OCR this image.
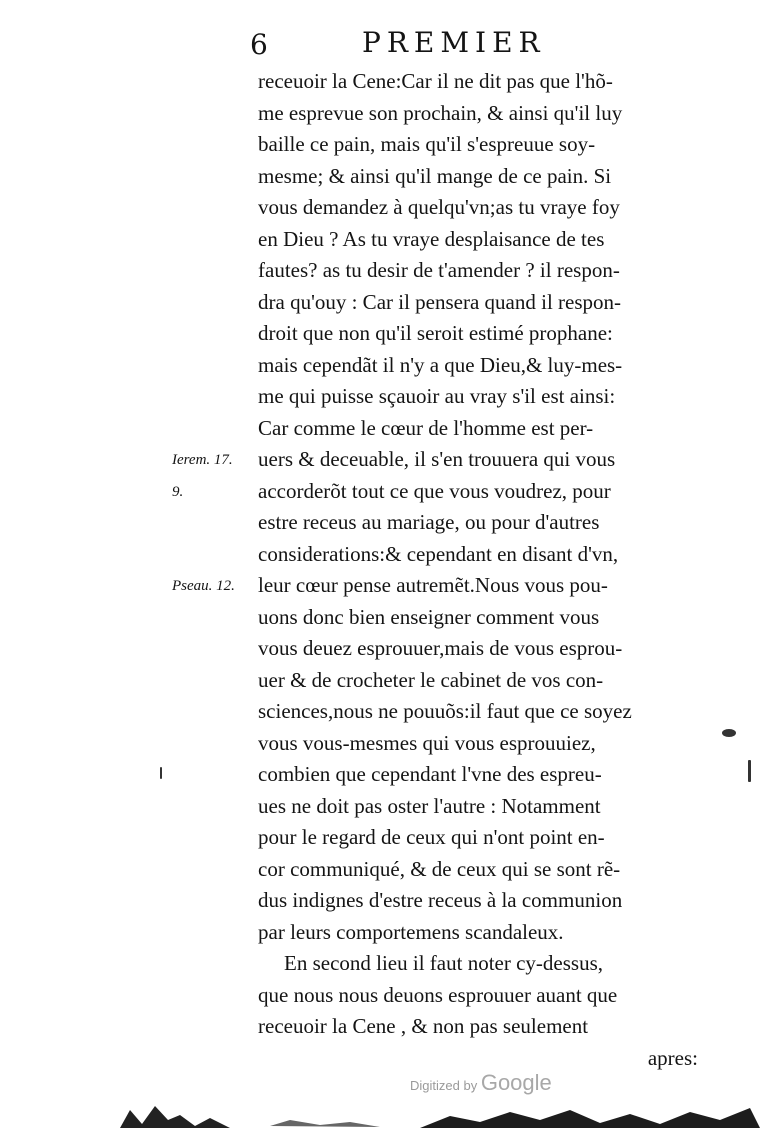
6	PREMIER
receuoir la Cene:Car il ne dit pas que l'hõ-
me esprevue son prochain, & ainsi qu'il luy
baille ce pain, mais qu'il s'espreuue soy-
mesme; & ainsi qu'il mange de ce pain. Si
vous demandez à quelqu'vn;as tu vraye foy
en Dieu ? As tu vraye desplaisance de tes
fautes? as tu desir de t'amender ? il respon-
dra qu'ouy : Car il pensera quand il respon-
droit que non qu'il seroit estimé prophane:
mais cependãt il n'y a que Dieu,& luy-mes-
me qui puisse sçauoir au vray s'il est ainsi:
Car comme le cœur de l'homme est per-
uers & deceuable, il s'en trouuera qui vous
accorderõt tout ce que vous voudrez, pour
estre receus au mariage, ou pour d'autres
considerations:& cependant en disant d'vn,
leur cœur pense autremẽt.Nous vous pou-
uons donc bien enseigner comment vous
vous deuez esprouuer,mais de vous esprou-
uer & de crocheter le cabinet de vos con-
sciences,nous ne pouuõs:il faut que ce soyez
vous vous-mesmes qui vous esprouuiez,
combien que cependant l'vne des espreu-
ues ne doit pas oster l'autre : Notamment
pour le regard de ceux qui n'ont point en-
cor communiqué, & de ceux qui se sont rẽ-
dus indignes d'estre receus à la communion
par leurs comportemens scandaleux.
En second lieu il faut noter cy-dessus,
que nous nous deuons esprouuer auant que
receuoir la Cene , & non pas seulement
apres:
Ierem. 17.
9.
Pseau. 12.
Digitized by Google
